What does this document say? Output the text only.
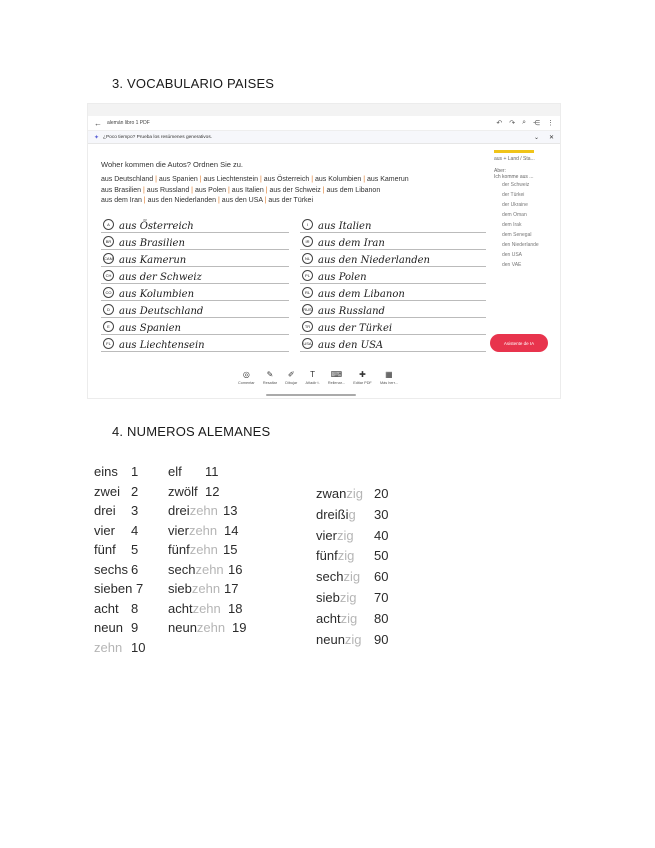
3. VOCABULARIO PAISES
← alemán libro 1 PDF	↶ ↷ ⌕ ⋲ ⋮
✦ ¿Poco tiempo? Prueba los resúmenes generativos.	⌄ ✕
Woher kommen die Autos? Ordnen Sie zu.
aus Deutschland | aus Spanien | aus Liechtenstein | aus Österreich | aus Kolumbien | aus Kamerun
aus Brasilien | aus Russland | aus Polen | aus Italien | aus der Schweiz | aus dem Libanon
aus dem Iran | aus den Niederlanden | aus den USA | aus der Türkei
A aus Österreich
BR aus Brasilien
CAM aus Kamerun
CH aus der Schweiz
CO aus Kolumbien
D aus Deutschland
E aus Spanien
FL aus Liechtensein
I aus Italien
IR aus dem Iran
NL aus den Niederlanden
PL aus Polen
RL aus dem Libanon
RUS aus Russland
TR aus der Türkei
USA aus den USA
aus + Land / Sta...
Aber:
Ich komme aus ...
der Schweiz
der Türkei
der Ukraine
dem Oman
dem Irak
dem Senegal
den Niederlande
den USA
den VAE
Asistente de IA
◎
Comentar
✎
Resaltar
✐
Dibujar
T
Añadir t.
⌨
Rellenar...
✚
Editar PDF
▦
Más herr...
4. NUMEROS ALEMANES
eins 1
zwei 2
drei 3
vier 4
fünf 5
sechs 6
sieben 7
acht 8
neun 9
zehn 10
elf 11
zwölf 12
dreizehn 13
vierzehn 14
fünfzehn 15
sechzehn 16
siebzehn 17
achtzehn 18
neunzehn 19
zwanzig 20
dreißig 30
vierzig 40
fünfzig 50
sechzig 60
siebzig 70
achtzig 80
neunzig 90
